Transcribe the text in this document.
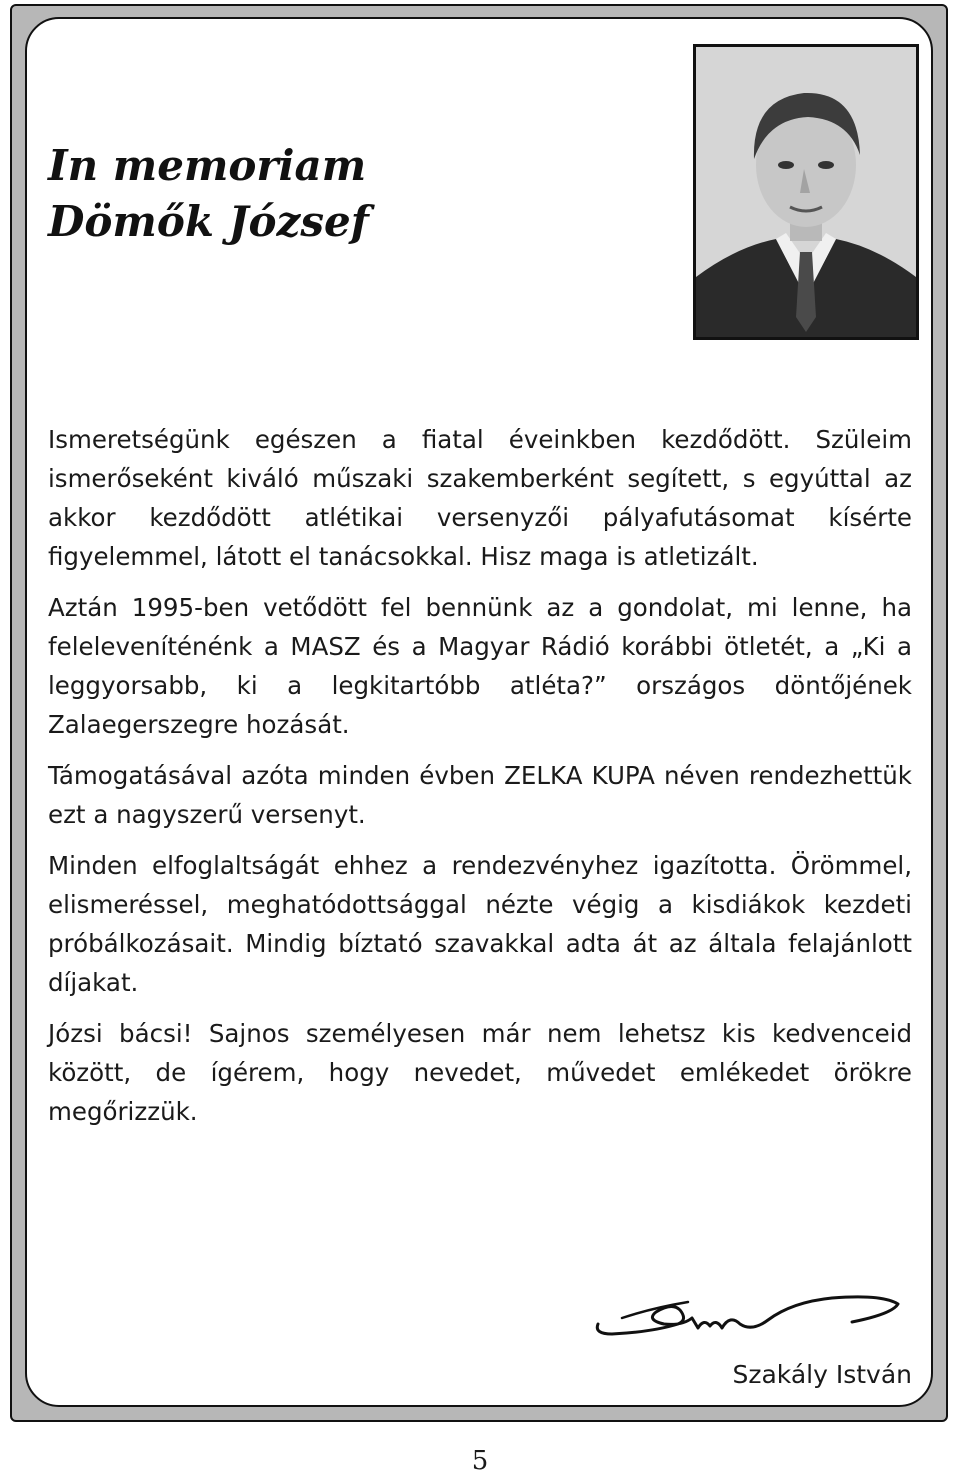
In memoriam
Dömők József

Ismeretségünk egészen a fiatal éveinkben kezdődött. Szüleim ismerőseként kiváló műszaki szakemberként segített, s egyúttal az akkor kezdődött atlétikai versenyzői pályafutásomat kísérte figyelemmel, látott el tanácsokkal. Hisz maga is atletizált.

Aztán 1995-ben vetődött fel bennünk az a gondolat, mi lenne, ha feleleveníténénk a MASZ és a Magyar Rádió korábbi ötletét, a „Ki a leggyorsabb, ki a legkitartóbb atléta?” országos döntőjének Zalaegerszegre hozását.

Támogatásával azóta minden évben ZELKA KUPA néven rendezhettük ezt a nagyszerű versenyt.

Minden elfoglaltságát ehhez a rendezvényhez igazította. Örömmel, elismeréssel, meghatódottsággal nézte végig a kisdiákok kezdeti próbálkozásait. Mindig bíztató szavakkal adta át az általa felajánlott díjakat.

Józsi bácsi! Sajnos személyesen már nem lehetsz kis kedvenceid között, de ígérem, hogy nevedet, művedet emlékedet örökre megőrizzük.

Szakály István
5
